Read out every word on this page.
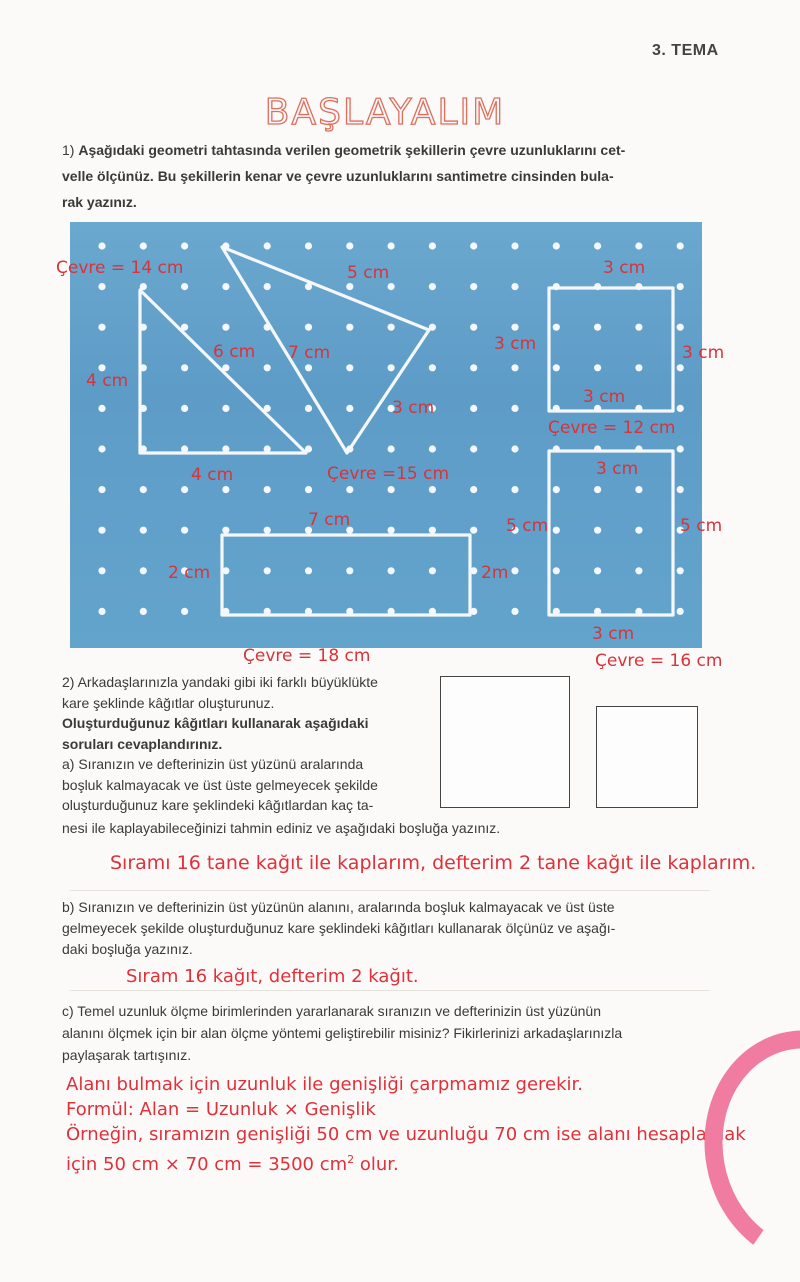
3. TEMA
BAŞLAYALIM
1) Aşağıdaki geometri tahtasında verilen geometrik şekillerin çevre uzunluklarını cet-
velle ölçünüz. Bu şekillerin kenar ve çevre uzunluklarını santimetre cinsinden bula-
rak yazınız.
Çevre = 14 cm	5 cm	3 cm
6 cm 7 cm	3 cm	3 cm
4 cm
3 cm
3 cm
Çevre = 12 cm
4 cm	Çevre =15 cm	3 cm
7 cm	5 cm	5 cm
2 cm	2m
3 cm
Çevre = 18 cm	Çevre = 16 cm
2) Arkadaşlarınızla yandaki gibi iki farklı büyüklükte
kare şeklinde kâğıtlar oluşturunuz.
Oluşturduğunuz kâğıtları kullanarak aşağıdaki
soruları cevaplandırınız.
a) Sıranızın ve defterinizin üst yüzünü aralarında
boşluk kalmayacak ve üst üste gelmeyecek şekilde
oluşturduğunuz kare şeklindeki kâğıtlardan kaç ta-
nesi ile kaplayabileceğinizi tahmin ediniz ve aşağıdaki boşluğa yazınız.
Sıramı 16 tane kağıt ile kaplarım, defterim 2 tane kağıt ile kaplarım.
b) Sıranızın ve defterinizin üst yüzünün alanını, aralarında boşluk kalmayacak ve üst üste
gelmeyecek şekilde oluşturduğunuz kare şeklindeki kâğıtları kullanarak ölçünüz ve aşağı-
daki boşluğa yazınız.
Sıram 16 kağıt, defterim 2 kağıt.
c) Temel uzunluk ölçme birimlerinden yararlanarak sıranızın ve defterinizin üst yüzünün
alanını ölçmek için bir alan ölçme yöntemi geliştirebilir misiniz? Fikirlerinizi arkadaşlarınızla
paylaşarak tartışınız.
Alanı bulmak için uzunluk ile genişliği çarpmamız gerekir.
Formül: Alan = Uzunluk × Genişlik
Örneğin, sıramızın genişliği 50 cm ve uzunluğu 70 cm ise alanı hesaplamak
için 50 cm × 70 cm = 3500 $cm^2$ olur.
